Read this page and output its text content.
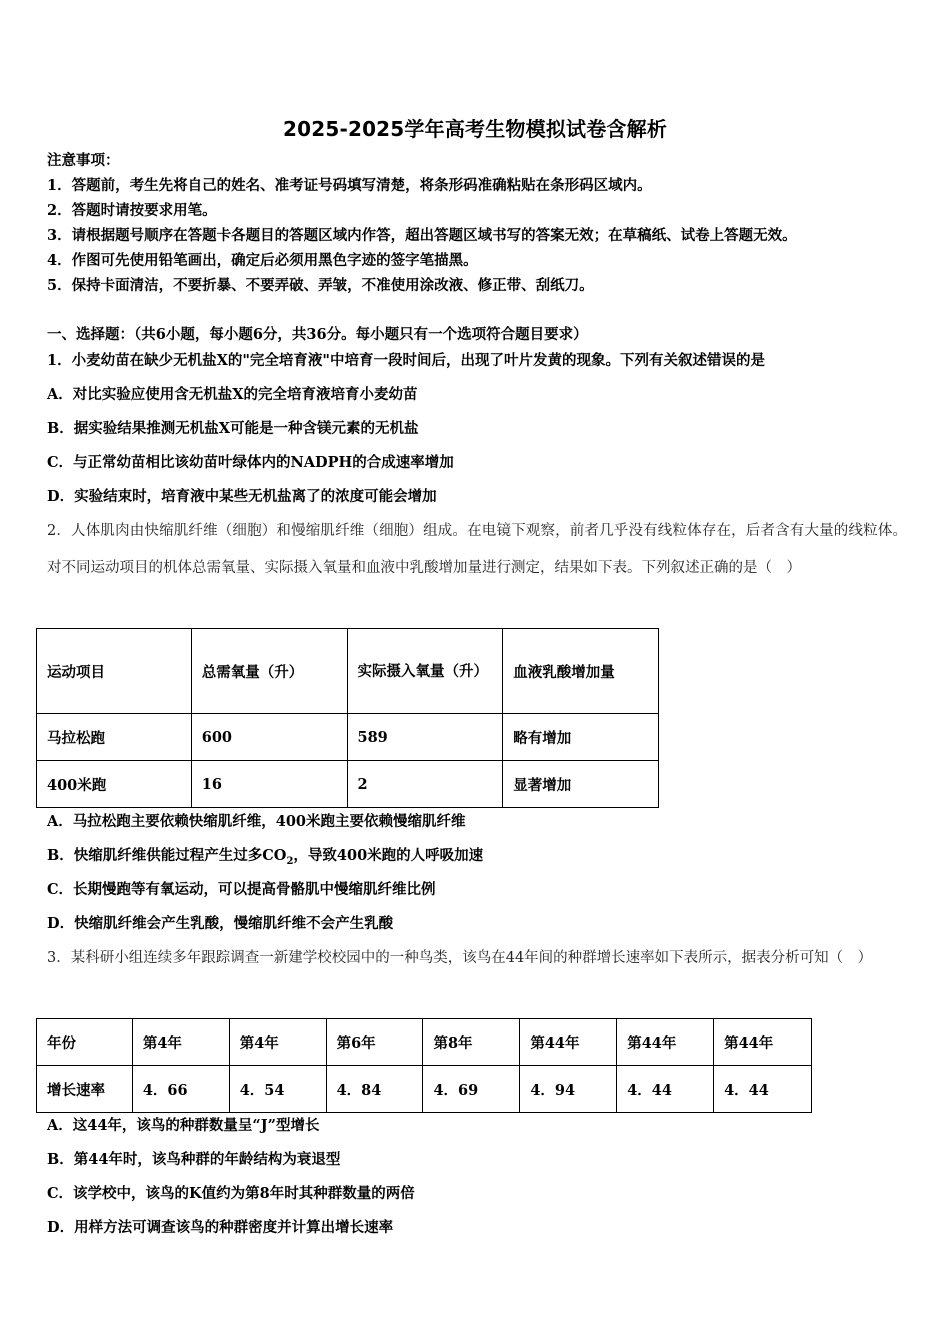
2025-2025学年高考生物模拟试卷含解析
注意事项：
1．答题前，考生先将自己的姓名、准考证号码填写清楚，将条形码准确粘贴在条形码区域内。
2．答题时请按要求用笔。
3．请根据题号顺序在答题卡各题目的答题区域内作答，超出答题区域书写的答案无效；在草稿纸、试卷上答题无效。
4．作图可先使用铅笔画出，确定后必须用黑色字迹的签字笔描黑。
5．保持卡面清洁，不要折暴、不要弄破、弄皱，不准使用涂改液、修正带、刮纸刀。
一、选择题：（共6小题，每小题6分，共36分。每小题只有一个选项符合题目要求）
1．小麦幼苗在缺少无机盐X的"完全培育液"中培育一段时间后，出现了叶片发黄的现象。下列有关叙述错误的是
A．对比实验应使用含无机盐X的完全培育液培育小麦幼苗
B．据实验结果推测无机盐X可能是一种含镁元素的无机盐
C．与正常幼苗相比该幼苗叶绿体内的NADPH的合成速率增加
D．实验结束时，培育液中某些无机盐离了的浓度可能会增加
2．人体肌肉由快缩肌纤维（细胞）和慢缩肌纤维（细胞）组成。在电镜下观察，前者几乎没有线粒体存在，后者含有大量的线粒体。对不同运动项目的机体总需氧量、实际摄入氧量和血液中乳酸增加量进行测定，结果如下表。下列叙述正确的是（　）
运动项目	总需氧量（升）	实际摄入氧量（升）	血液乳酸增加量
马拉松跑	600	589	略有增加
400米跑	16	2	显著增加
A．马拉松跑主要依赖快缩肌纤维，400米跑主要依赖慢缩肌纤维
B．快缩肌纤维供能过程产生过多$CO_2$，导致400米跑的人呼吸加速
C．长期慢跑等有氧运动，可以提高骨骼肌中慢缩肌纤维比例
D．快缩肌纤维会产生乳酸，慢缩肌纤维不会产生乳酸
3．某科研小组连续多年跟踪调查一新建学校校园中的一种鸟类，该鸟在44年间的种群增长速率如下表所示，据表分析可知（　）
年份	第4年	第4年	第6年	第8年	第44年	第44年	第44年
增长速率	4．66	4．54	4．84	4．69	4．94	4．44	4．44
A．这44年，该鸟的种群数量呈“J”型增长
B．第44年时，该鸟种群的年龄结构为衰退型
C．该学校中，该鸟的K值约为第8年时其种群数量的两倍
D．用样方法可调查该鸟的种群密度并计算出增长速率
